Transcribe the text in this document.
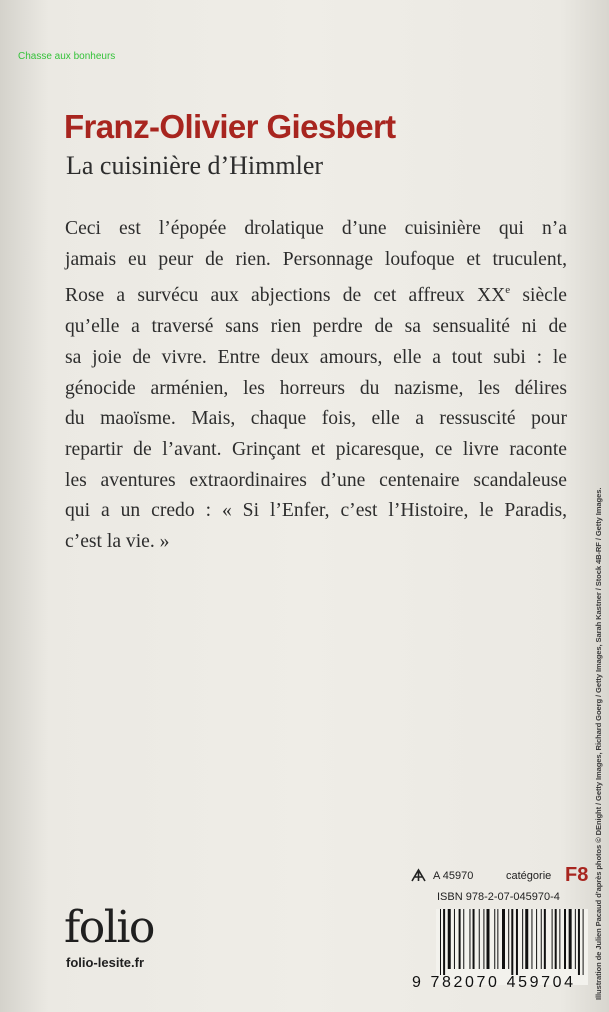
Chasse aux bonheurs
Franz-Olivier Giesbert
La cuisinière d’Himmler
Ceci est l’épopée drolatique d’une cuisinière qui n’a
jamais eu peur de rien. Personnage loufoque et truculent,
Rose a survécu aux abjections de cet affreux XXe siècle
qu’elle a traversé sans rien perdre de sa sensualité ni de
sa joie de vivre. Entre deux amours, elle a tout subi : le
génocide arménien, les horreurs du nazisme, les délires
du maoïsme. Mais, chaque fois, elle a ressuscité pour
repartir de l’avant. Grinçant et picaresque, ce livre raconte
les aventures extraordinaires d’une centenaire scandaleuse
qui a un credo : « Si l’Enfer, c’est l’Histoire, le Paradis,
c’est la vie. »	Illustration de Julien Pacaud d’après photos © DEnight / Getty Images, Richard Goerg / Getty Images, Sarah Kastner / Stock 4B-RF / Getty Images.
folio
folio-lesite.fr
A 45970	catégorie F8
ISBN 978-2-07-045970-4
9 782070 459704
